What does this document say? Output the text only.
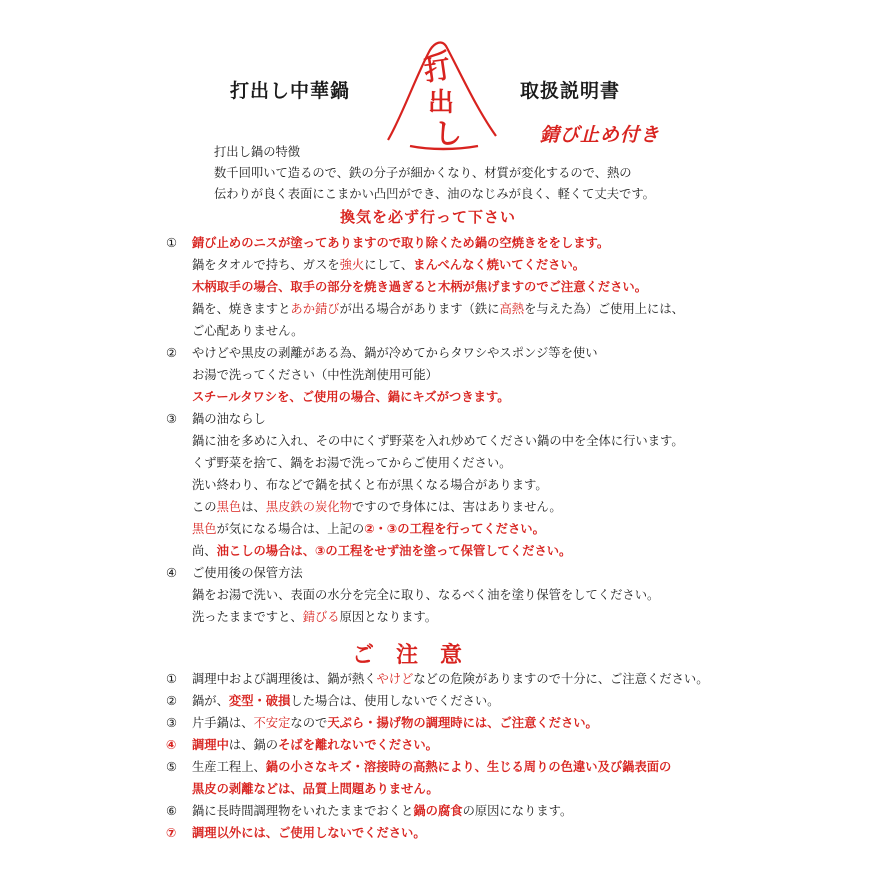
打出し中華鍋	取扱説明書
錆び止め付き
打
出
し
打出し鍋の特徴
数千回叩いて造るので、鉄の分子が細かくなり、材質が変化するので、熱の
伝わりが良く表面にこまかい凸凹ができ、油のなじみが良く、軽くて丈夫です。
換気を必ず行って下さい
① 錆び止めのニスが塗ってありますので取り除くため鍋の空焼きををします。
鍋をタオルで持ち、ガスを強火にして、まんべんなく焼いてください。
木柄取手の場合、取手の部分を焼き過ぎると木柄が焦げますのでご注意ください。
鍋を、焼きますとあか錆びが出る場合があります（鉄に高熱を与えた為）ご使用上には、
ご心配ありません。
② やけどや黒皮の剥離がある為、鍋が冷めてからタワシやスポンジ等を使い
お湯で洗ってください（中性洗剤使用可能）
スチールタワシを、ご使用の場合、鍋にキズがつきます。
③ 鍋の油ならし
鍋に油を多めに入れ、その中にくず野菜を入れ炒めてください鍋の中を全体に行います。
くず野菜を捨て、鍋をお湯で洗ってからご使用ください。
洗い終わり、布などで鍋を拭くと布が黒くなる場合があります。
この黒色は、黒皮鉄の炭化物ですので身体には、害はありません。
黒色が気になる場合は、上記の②・③の工程を行ってください。
尚、油こしの場合は、③の工程をせず油を塗って保管してください。
④ ご使用後の保管方法
鍋をお湯で洗い、表面の水分を完全に取り、なるべく油を塗り保管をしてください。
洗ったままですと、錆びる原因となります。
ご注意
① 調理中および調理後は、鍋が熱くやけどなどの危険がありますので十分に、ご注意ください。
② 鍋が、変型・破損した場合は、使用しないでください。
③ 片手鍋は、不安定なので天ぷら・揚げ物の調理時には、ご注意ください。
④ 調理中は、鍋のそばを離れないでください。
⑤ 生産工程上、鍋の小さなキズ・溶接時の高熱により、生じる周りの色違い及び鍋表面の
黒皮の剥離などは、品質上問題ありません。
⑥ 鍋に長時間調理物をいれたままでおくと鍋の腐食の原因になります。
⑦ 調理以外には、ご使用しないでください。
